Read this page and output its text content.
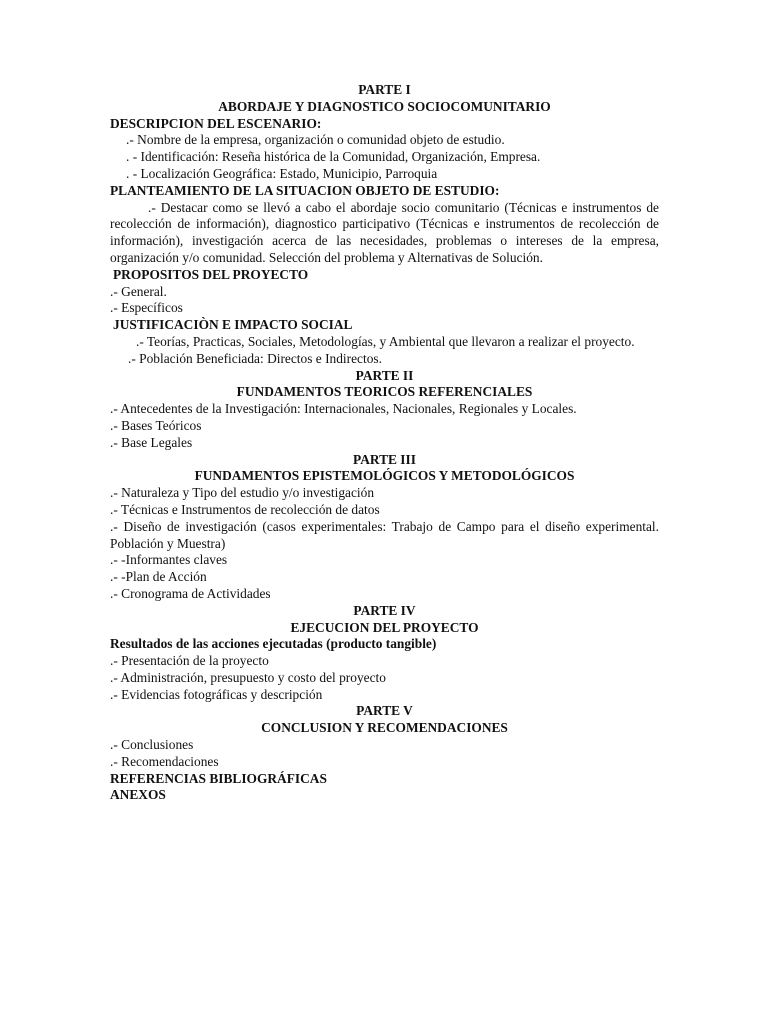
PARTE I
ABORDAJE Y DIAGNOSTICO SOCIOCOMUNITARIO
DESCRIPCION DEL ESCENARIO:
.- Nombre de la empresa, organización o comunidad objeto de estudio.
. - Identificación: Reseña histórica de la Comunidad, Organización, Empresa.
. - Localización Geográfica: Estado, Municipio, Parroquia
PLANTEAMIENTO DE LA SITUACION OBJETO DE ESTUDIO:
.- Destacar como se llevó a cabo el abordaje socio comunitario (Técnicas e instrumentos de recolección de información), diagnostico participativo (Técnicas e instrumentos de recolección de información), investigación acerca de las necesidades, problemas o intereses de la empresa, organización y/o comunidad. Selección del problema y Alternativas de Solución.
PROPOSITOS DEL PROYECTO
.- General.
.- Específicos
JUSTIFICACIÒN E IMPACTO SOCIAL
.- Teorías, Practicas, Sociales, Metodologías, y Ambiental que llevaron a realizar el proyecto.
.- Población Beneficiada: Directos e Indirectos.
PARTE II
FUNDAMENTOS TEORICOS REFERENCIALES
.- Antecedentes de la Investigación: Internacionales, Nacionales, Regionales y Locales.
.- Bases Teóricos
.- Base Legales
PARTE III
FUNDAMENTOS EPISTEMOLÓGICOS Y METODOLÓGICOS
.- Naturaleza y Tipo del estudio y/o investigación
.- Técnicas e Instrumentos de recolección de datos
.- Diseño de investigación (casos experimentales: Trabajo de Campo para el diseño experimental. Población y Muestra)
.- -Informantes claves
.- -Plan de Acción
.- Cronograma de Actividades
PARTE IV
EJECUCION DEL PROYECTO
Resultados de las acciones ejecutadas (producto tangible)
.- Presentación de la proyecto
.- Administración, presupuesto y costo del proyecto
.- Evidencias fotográficas y descripción
PARTE V
CONCLUSION Y RECOMENDACIONES
.- Conclusiones
.- Recomendaciones
REFERENCIAS BIBLIOGRÁFICAS
ANEXOS
